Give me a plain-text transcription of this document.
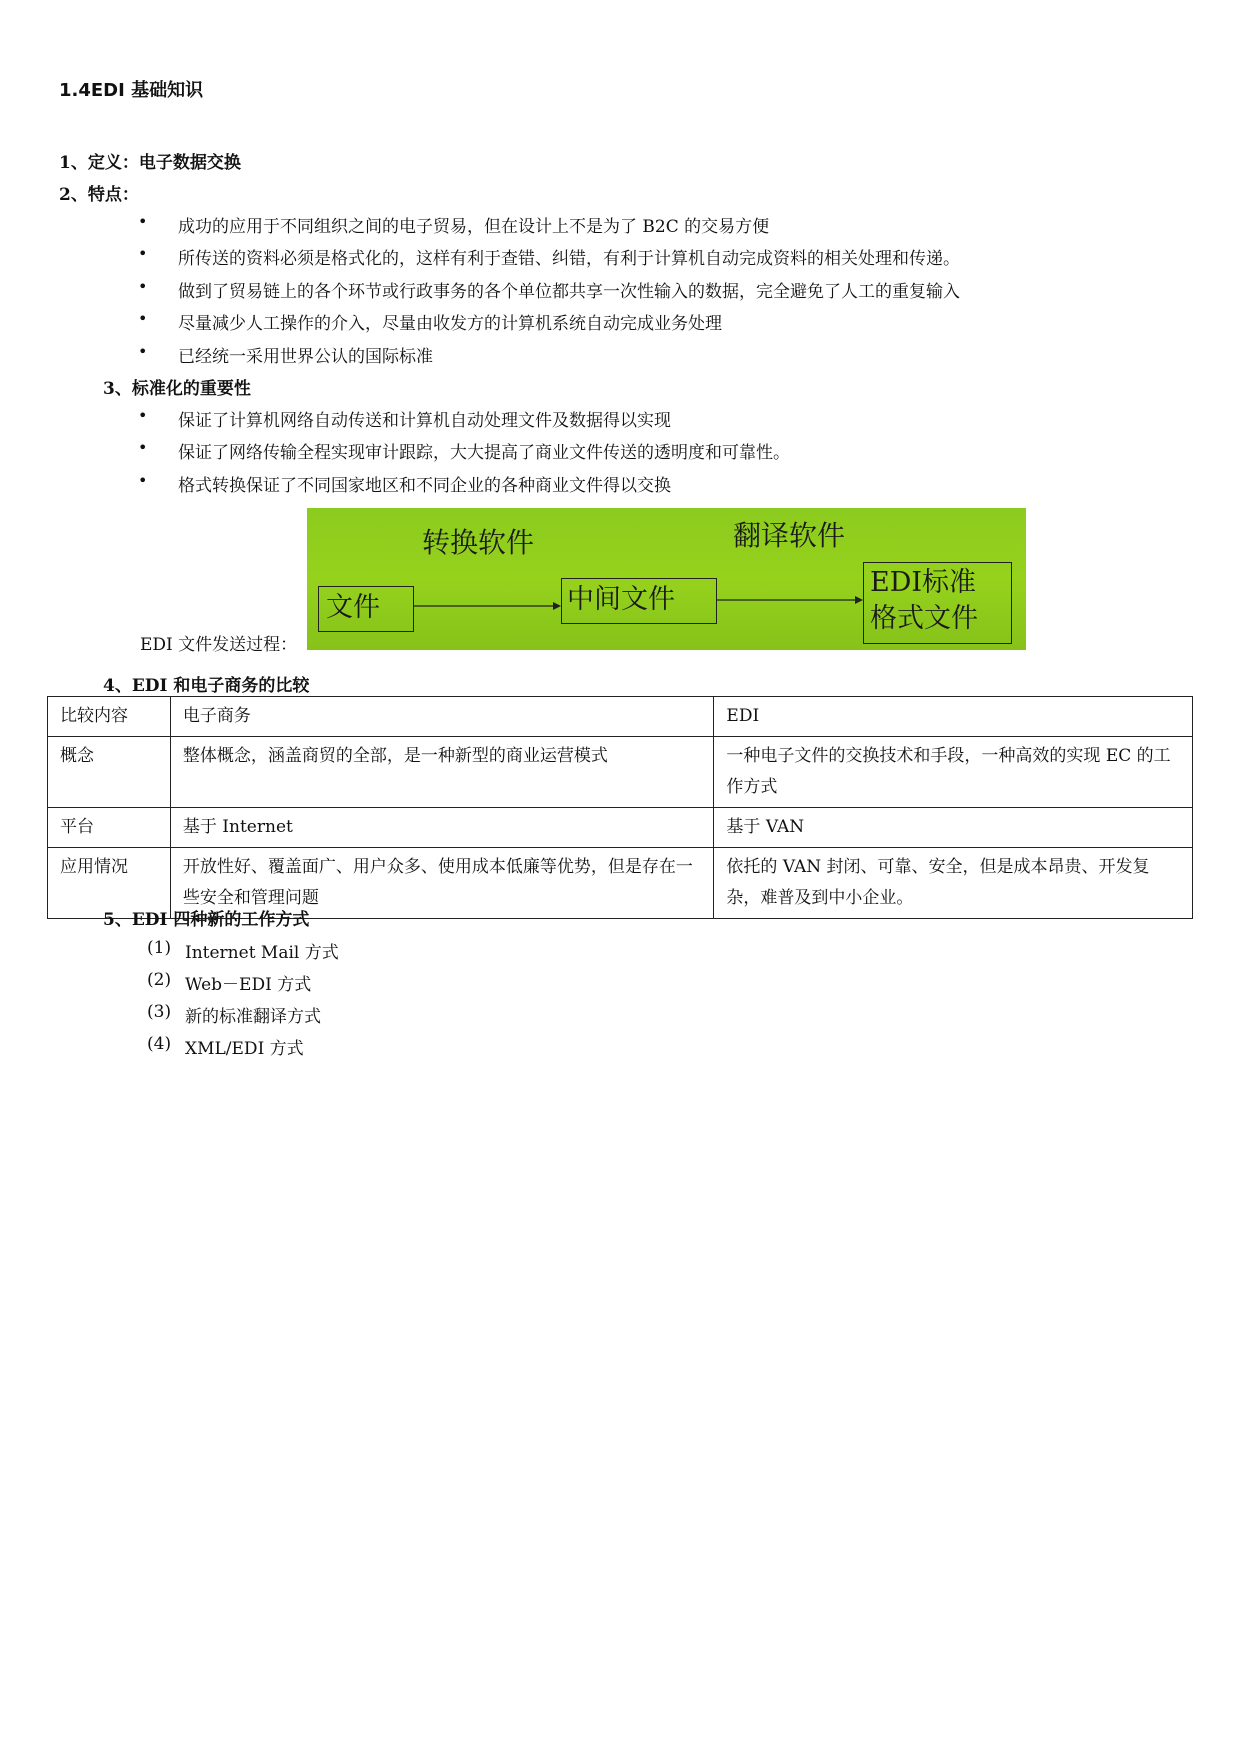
1.4EDI 基础知识
1、定义：电子数据交换
2、特点：
• 成功的应用于不同组织之间的电子贸易，但在设计上不是为了 B2C 的交易方便
• 所传送的资料必须是格式化的，这样有利于查错、纠错，有利于计算机自动完成资料的相关处理和传递。
• 做到了贸易链上的各个环节或行政事务的各个单位都共享一次性输入的数据，完全避免了人工的重复输入
• 尽量减少人工操作的介入，尽量由收发方的计算机系统自动完成业务处理
• 已经统一采用世界公认的国际标准
3、标准化的重要性
• 保证了计算机网络自动传送和计算机自动处理文件及数据得以实现
• 保证了网络传输全程实现审计跟踪，大大提高了商业文件传送的透明度和可靠性。
• 格式转换保证了不同国家地区和不同企业的各种商业文件得以交换
EDI 文件发送过程：
转换软件	翻译软件
文件	中间文件
EDI标准
格式文件
4、EDI 和电子商务的比较
比较内容	电子商务	EDI
概念	整体概念，涵盖商贸的全部，是一种新型的商业运营模式	一种电子文件的交换技术和手段，一种高效的实现 EC 的工作方式
平台	基于 Internet	基于 VAN
应用情况	开放性好、覆盖面广、用户众多、使用成本低廉等优势，但是存在一些安全和管理问题	依托的 VAN 封闭、可靠、安全，但是成本昂贵、开发复杂，难普及到中小企业。
5、EDI 四种新的工作方式
(1) Internet Mail 方式
(2) Web－EDI 方式
(3) 新的标准翻译方式
(4) XML/EDI 方式
